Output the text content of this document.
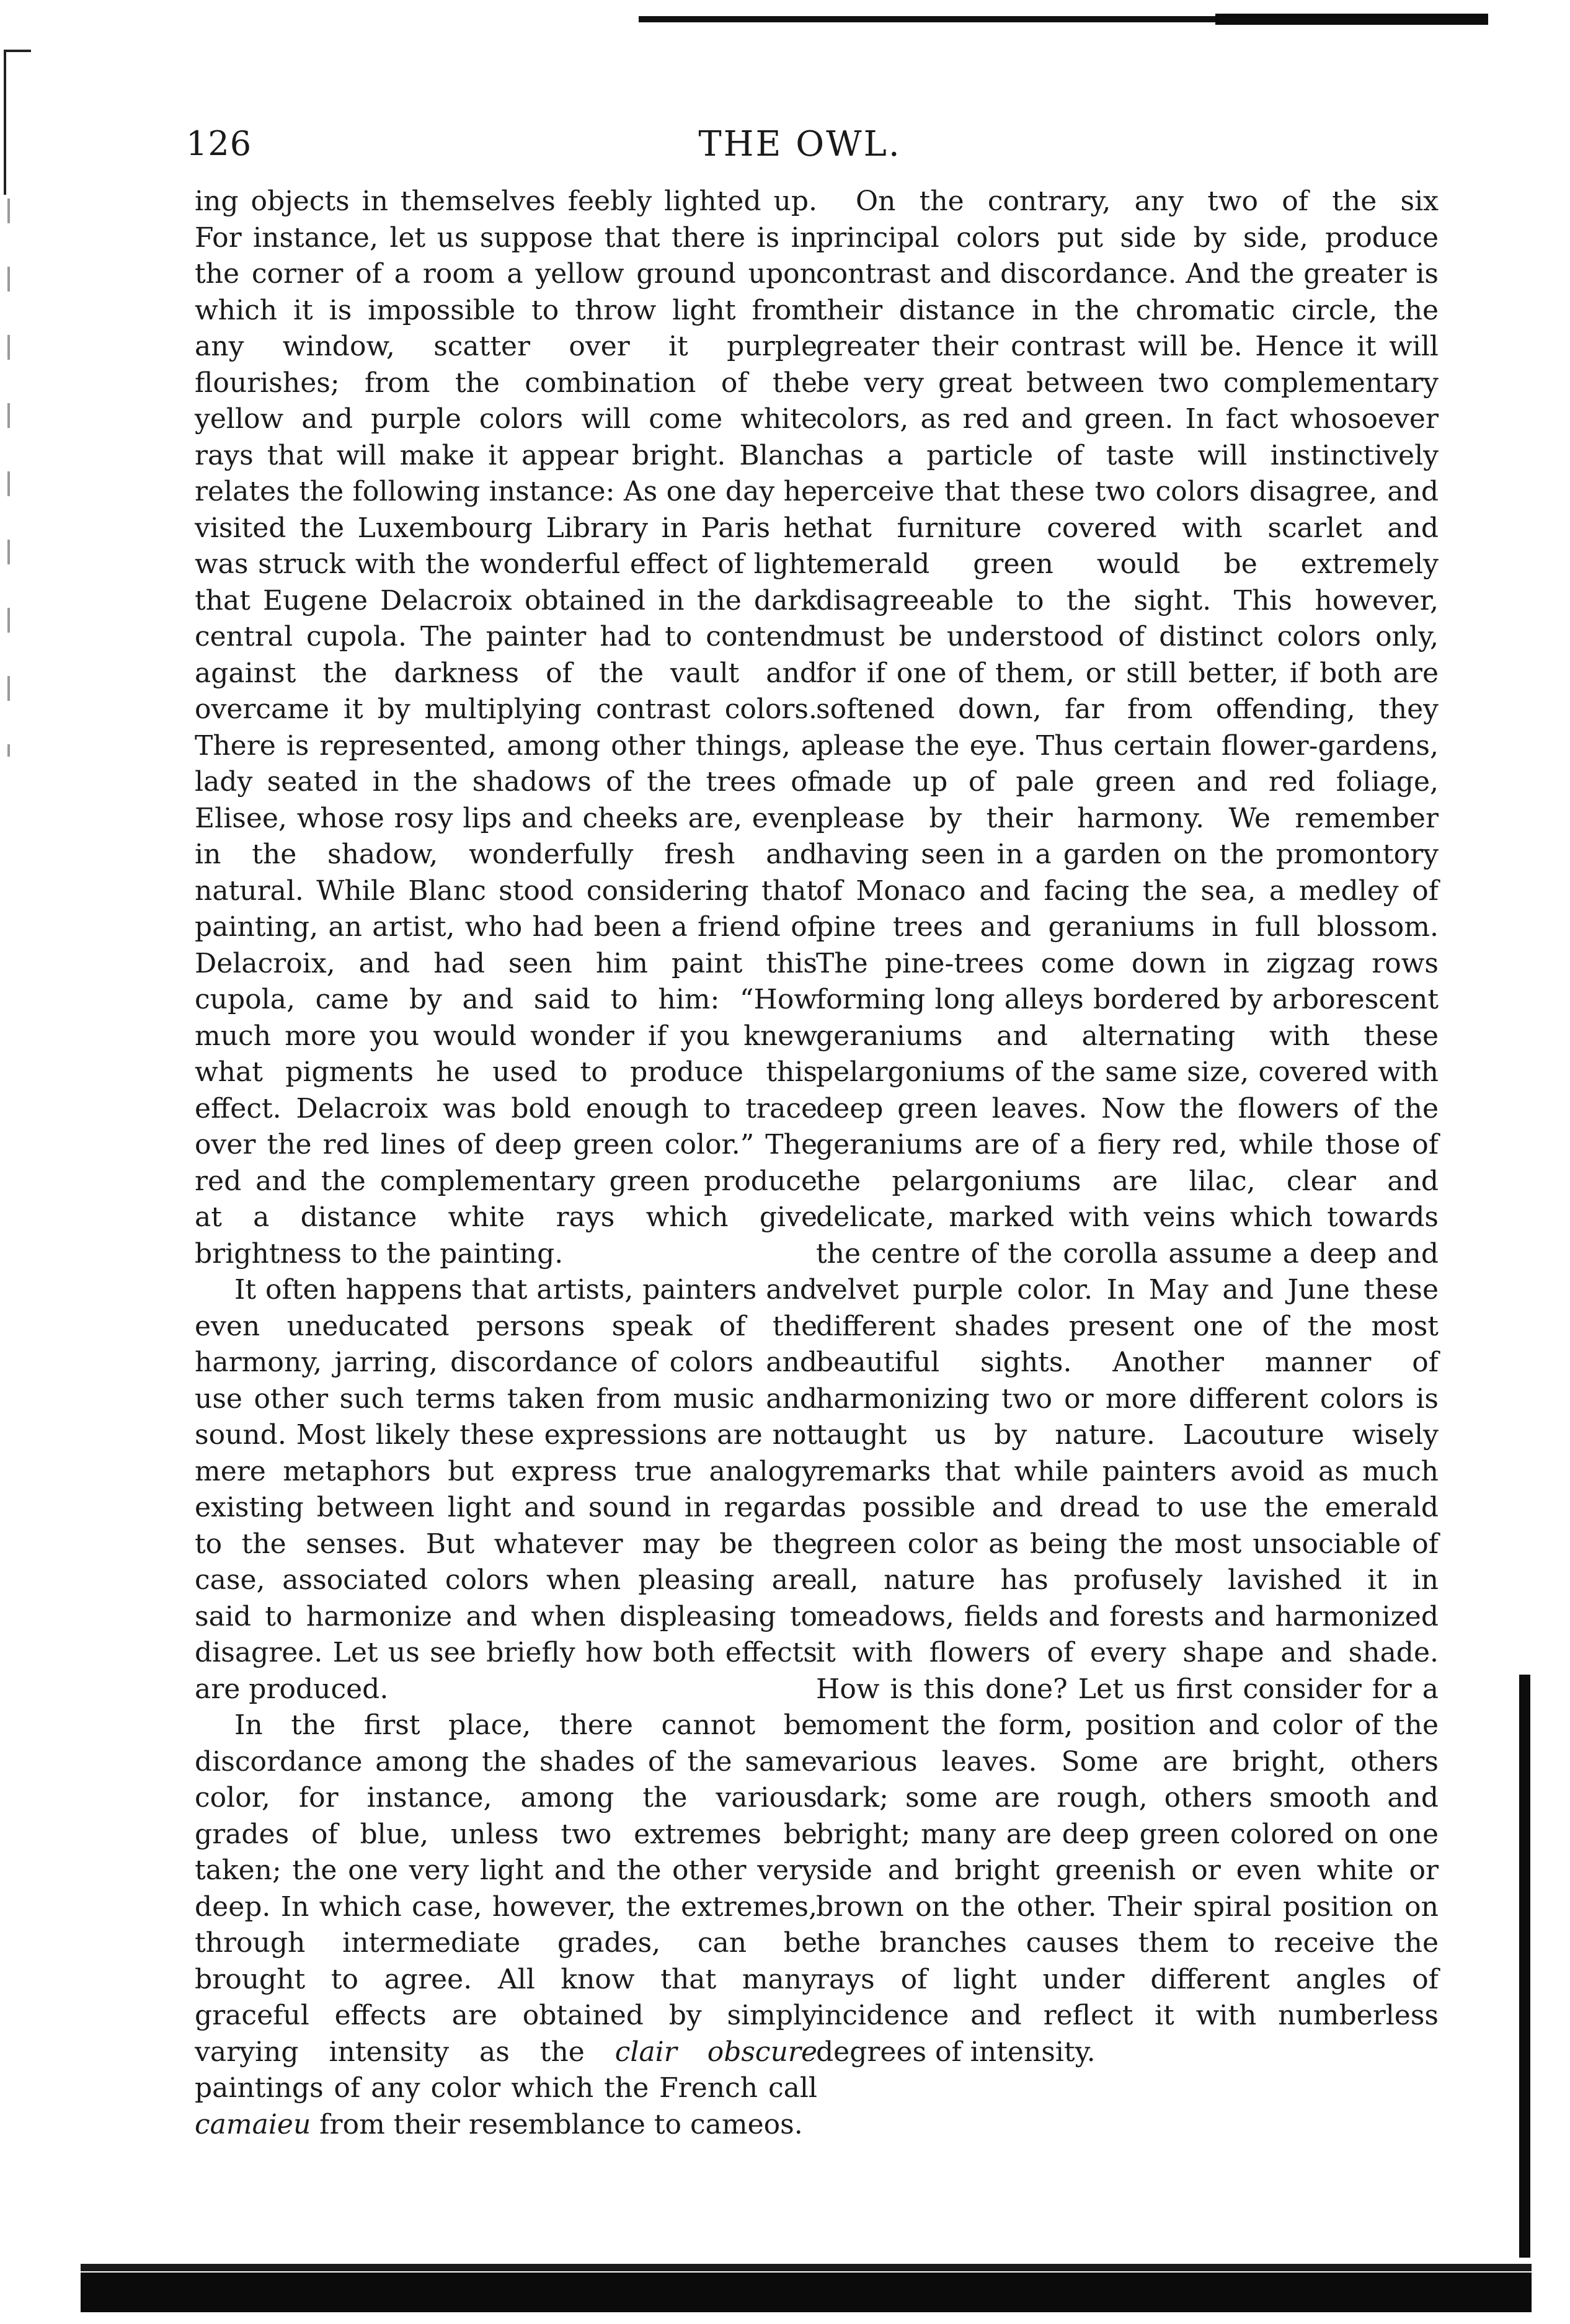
126	THE OWL.

ing objects in themselves feebly lighted up. For instance, let us suppose that there is in the corner of a room a yellow ground upon which it is impossible to throw light from any window, scatter over it purple flourishes; from the combination of the yellow and purple colors will come white rays that will make it appear bright. Blanc relates the following instance: As one day he visited the Luxembourg Library in Paris he was struck with the wonderful effect of light that Eugene Delacroix obtained in the dark central cupola. The painter had to contend against the darkness of the vault and overcame it by multiplying contrast colors. There is represented, among other things, a lady seated in the shadows of the trees of Elisee, whose rosy lips and cheeks are, even in the shadow, wonderfully fresh and natural. While Blanc stood considering that painting, an artist, who had been a friend of Delacroix, and had seen him paint this cupola, came by and said to him: “How much more you would wonder if you knew what pigments he used to produce this effect. Delacroix was bold enough to trace over the red lines of deep green color.” The red and the complementary green produce at a distance white rays which give brightness to the painting.

It often happens that artists, painters and even uneducated persons speak of the harmony, jarring, discordance of colors and use other such terms taken from music and sound. Most likely these expressions are not mere metaphors but express true analogy existing between light and sound in regard to the senses. But whatever may be the case, associated colors when pleasing are said to harmonize and when displeasing to disagree. Let us see briefly how both effects are produced.

In the first place, there cannot be discordance among the shades of the same color, for instance, among the various grades of blue, unless two extremes be taken; the one very light and the other very deep. In which case, however, the extremes, through intermediate grades, can be brought to agree. All know that many graceful effects are obtained by simply varying intensity as the clair obscure paintings of any color which the French call camaieu from their resemblance to cameos.

On the contrary, any two of the six principal colors put side by side, produce contrast and discordance. And the greater is their distance in the chromatic circle, the greater their contrast will be. Hence it will be very great between two complementary colors, as red and green. In fact whosoever has a particle of taste will instinctively perceive that these two colors disagree, and that furniture covered with scarlet and emerald green would be extremely disagreeable to the sight. This however, must be understood of distinct colors only, for if one of them, or still better, if both are softened down, far from offending, they please the eye. Thus certain flower-gardens, made up of pale green and red foliage, please by their harmony. We remember having seen in a garden on the promontory of Monaco and facing the sea, a medley of pine trees and geraniums in full blossom. The pine-trees come down in zigzag rows forming long alleys bordered by arborescent geraniums and alternating with these pelargoniums of the same size, covered with deep green leaves. Now the flowers of the geraniums are of a fiery red, while those of the pelargoniums are lilac, clear and delicate, marked with veins which towards the centre of the corolla assume a deep and velvet purple color. In May and June these different shades present one of the most beautiful sights. Another manner of harmonizing two or more different colors is taught us by nature. Lacouture wisely remarks that while painters avoid as much as possible and dread to use the emerald green color as being the most unsociable of all, nature has profusely lavished it in meadows, fields and forests and harmonized it with flowers of every shape and shade. How is this done? Let us first consider for a moment the form, position and color of the various leaves. Some are bright, others dark; some are rough, others smooth and bright; many are deep green colored on one side and bright greenish or even white or brown on the other. Their spiral position on the branches causes them to receive the rays of light under different angles of incidence and reflect it with numberless degrees of intensity.
